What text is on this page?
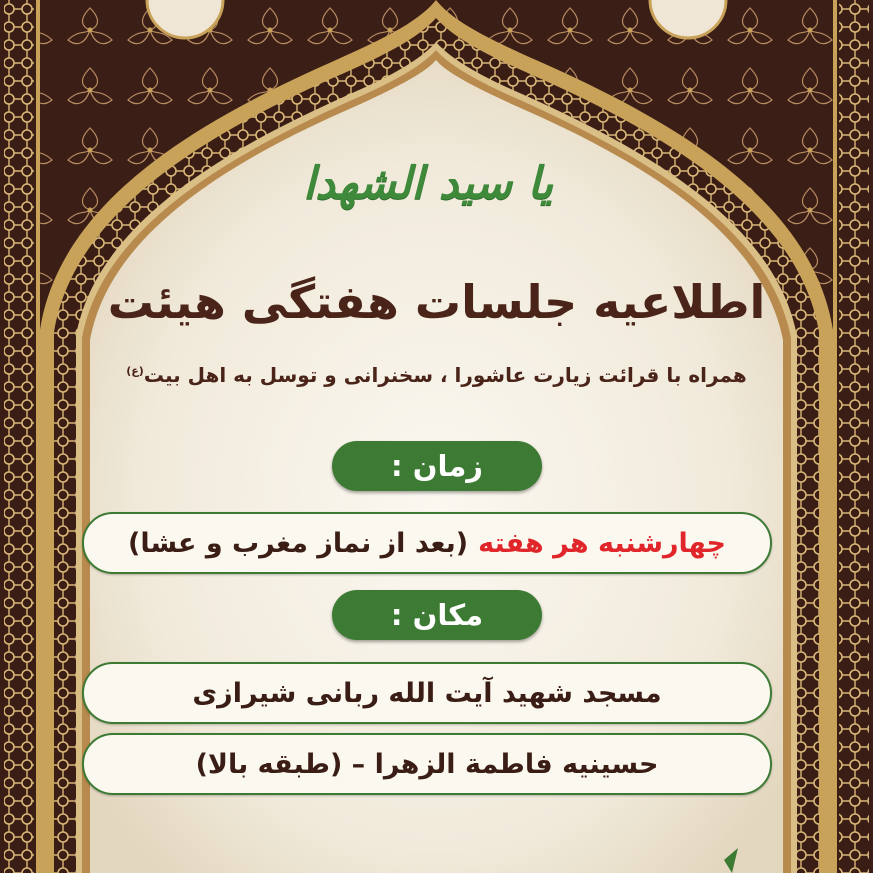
یا سید الشهدا
اطلاعیه جلسات هفتگی هیئت
همراه با قرائت زیارت عاشورا ، سخنرانی و توسل به اهل بیت$^{(ع)}$
زمان :
چهارشنبه هر هفته
(بعد از نماز مغرب و عشا)
مکان :
مسجد شهید آیت الله ربانی شیرازی
حسینیه فاطمة الزهرا – (طبقه بالا)
